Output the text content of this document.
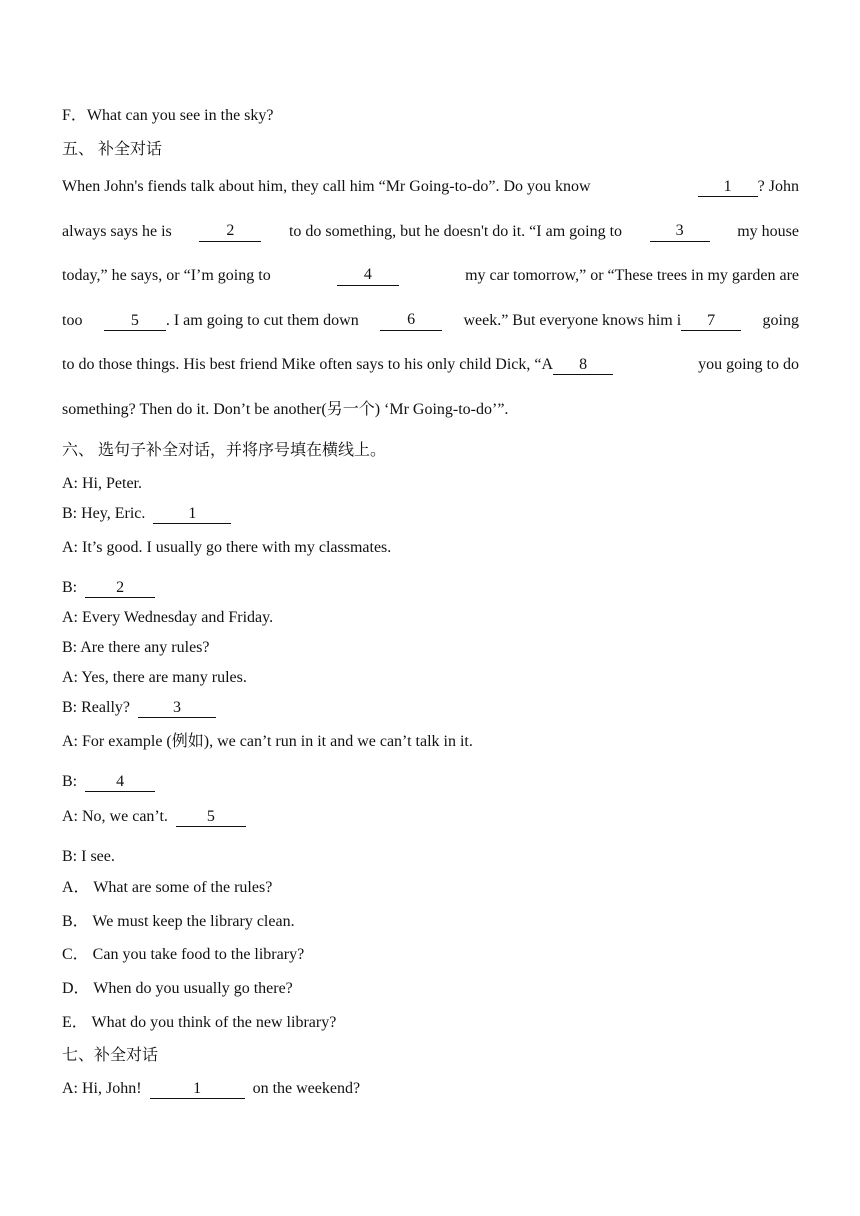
F．What can you see in the sky?
五、 补全对话
When John's fiends talk about him, they call him “Mr Going-to-do”. Do you know	1 ? John
always says he is	2	to do something, but he doesn't do it. “I am going to	3	my house
today,” he says, or “I’m going to	4	my car tomorrow,” or “These trees in my garden are
too	5 . I am going to cut them down	6	week.” But everyone knows him i 7	going
to do those things. His best friend Mike often says to his only child Dick, “A 8	you going to do
something? Then do it. Don’t be another(另一个) ‘Mr Going-to-do’”.
六、 选句子补全对话，并将序号填在横线上。
A: Hi, Peter.
B: Hey, Eric.	1
A: It’s good. I usually go there with my classmates.
B: 2
A: Every Wednesday and Friday.
B: Are there any rules?
A: Yes, there are many rules.
B: Really?	3
A: For example (例如), we can’t run in it and we can’t talk in it.
B: 4
A: No, we can’t. 5
B: I see.
A． What are some of the rules?
B． We must keep the library clean.
C． Can you take food to the library?
D． When do you usually go there?
E． What do you think of the new library?
七、补全对话
A: Hi, John!	1	on the weekend?
